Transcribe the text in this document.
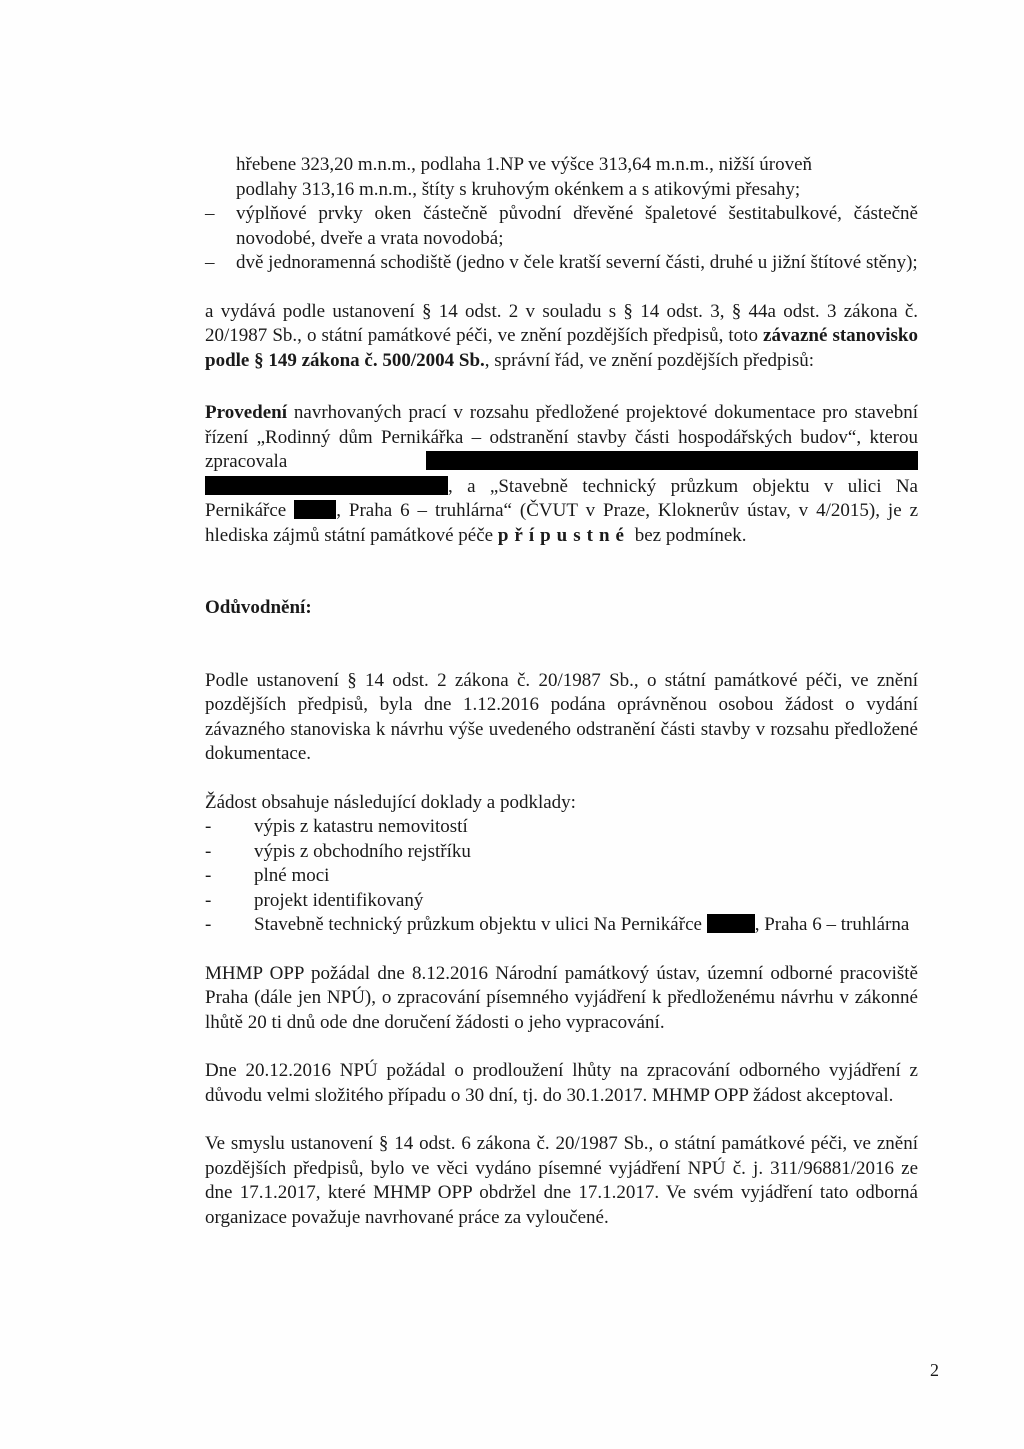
hřebene 323,20 m.n.m., podlaha 1.NP ve výšce 313,64 m.n.m., nižší úroveň
podlahy 313,16 m.n.m., štíty s kruhovým okénkem a s atikovými přesahy;
– výplňové prvky oken částečně původní dřevěné špaletové šestitabulkové, částečně novodobé, dveře a vrata novodobá;
– dvě jednoramenná schodiště (jedno v čele kratší severní části, druhé u jižní štítové stěny);
a vydává podle ustanovení § 14 odst. 2 v souladu s § 14 odst. 3, § 44a odst. 3 zákona č. 20/1987 Sb., o státní památkové péči, ve znění pozdějších předpisů, toto závazné stanovisko podle § 149 zákona č. 500/2004 Sb., správní řád, ve znění pozdějších předpisů:
Provedení navrhovaných prací v rozsahu předložené projektové dokumentace pro stavební řízení „Rodinný dům Pernikářka – odstranění stavby části hospodářských budov“, kterou zpracovala  , a „Stavebně technický průzkum objektu v ulici Na Pernikářce , Praha 6 – truhlárna“ (ČVUT v Praze, Kloknerův ústav, v 4/2015), je z hlediska zájmů státní památkové péče přípustné bez podmínek.

Odůvodnění:

Podle ustanovení § 14 odst. 2 zákona č. 20/1987 Sb., o státní památkové péči, ve znění pozdějších předpisů, byla dne 1.12.2016 podána oprávněnou osobou žádost o vydání závazného stanoviska k návrhu výše uvedeného odstranění části stavby v rozsahu předložené dokumentace.
Žádost obsahuje následující doklady a podklady:
- výpis z katastru nemovitostí
- výpis z obchodního rejstříku
- plné moci
- projekt identifikovaný
- Stavebně technický průzkum objektu v ulici Na Pernikářce	, Praha 6 – truhlárna
MHMP OPP požádal dne 8.12.2016 Národní památkový ústav, územní odborné pracoviště Praha (dále jen NPÚ), o zpracování písemného vyjádření k předloženému návrhu v zákonné lhůtě 20 ti dnů ode dne doručení žádosti o jeho vypracování.
Dne 20.12.2016 NPÚ požádal o prodloužení lhůty na zpracování odborného vyjádření z důvodu velmi složitého případu o 30 dní, tj. do 30.1.2017. MHMP OPP žádost akceptoval.
Ve smyslu ustanovení § 14 odst. 6 zákona č. 20/1987 Sb., o státní památkové péči, ve znění pozdějších předpisů, bylo ve věci vydáno písemné vyjádření NPÚ č. j. 311/96881/2016 ze dne 17.1.2017, které MHMP OPP obdržel dne 17.1.2017. Ve svém vyjádření tato odborná organizace považuje navrhované práce za vyloučené.
2
